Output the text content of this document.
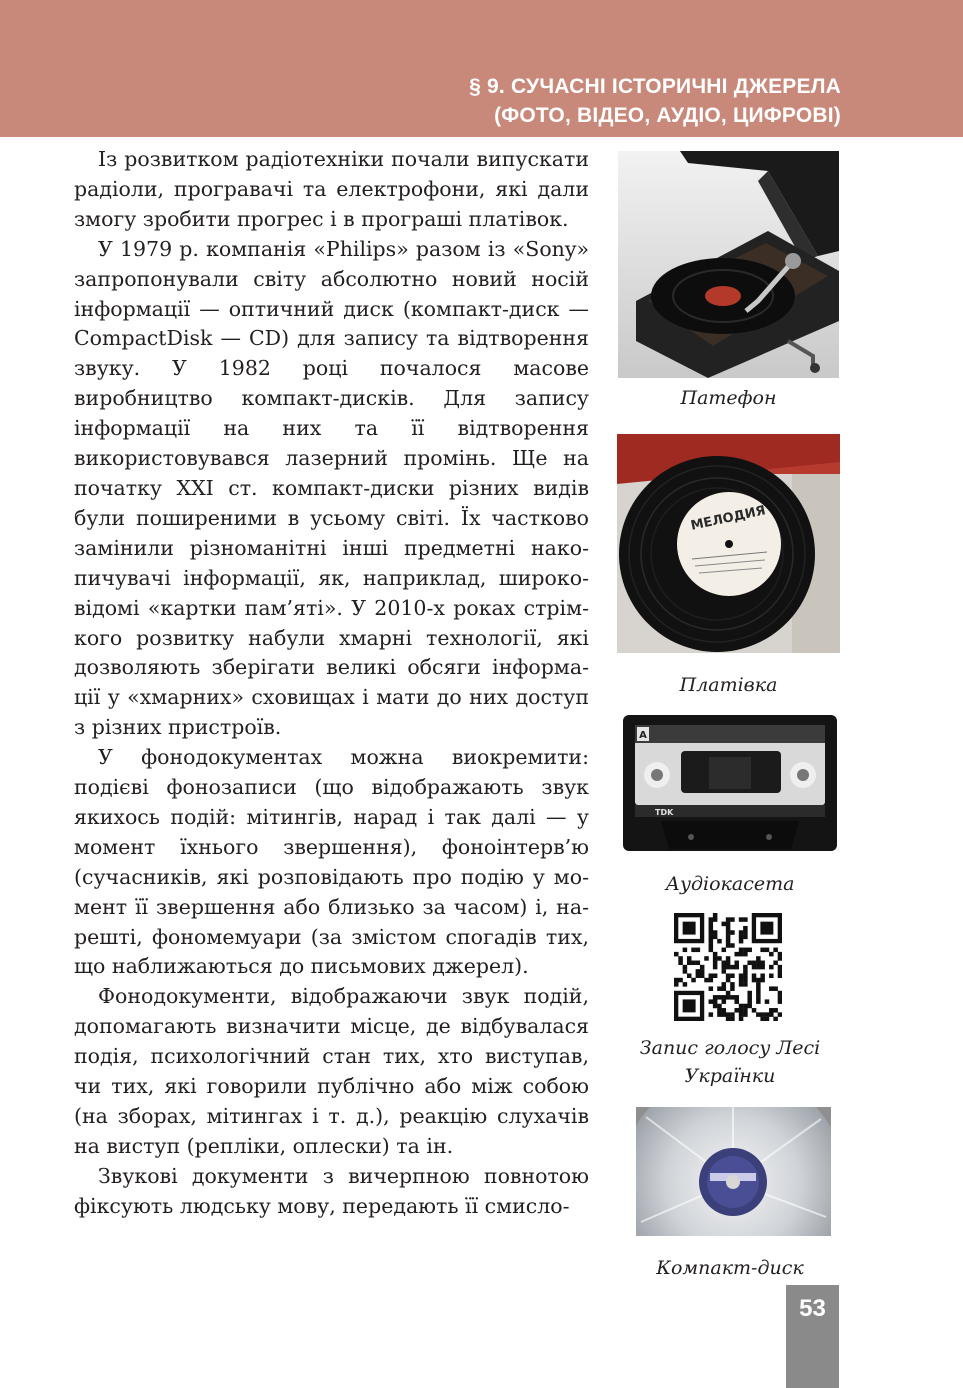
§ 9. СУЧАСНІ ІСТОРИЧНІ ДЖЕРЕЛА
(ФОТО, ВІДЕО, АУДІО, ЦИФРОВІ)

Із розвитком радіотехніки почали випускати радіоли, програвачі та електрофони, які дали змогу зробити прогрес і в програші платівок.

У 1979 р. компанія «Philips» разом із «Sony» запропонували світу абсолютно новий носій інформації — оптичний диск (компакт-диск — CompactDisk — CD) для запису та відтворення звуку. У 1982 році почалося масове виробництво компакт-дисків. Для запису інформації на них та її відтворення використовувався лазерний промінь. Ще на початку XXI ст. компакт-диски різних видів були поширеними в усьому світі. Їх частково замінили різноманітні інші предметні накопичувачі інформації, як, наприклад, широковідомі «картки пам’яті». У 2010-х роках стрімкого розвитку набули хмарні технології, які дозволяють зберігати великі обсяги інформації у «хмарних» сховищах і мати до них доступ з різних пристроїв.

У фонодокументах можна виокремити: подієві фонозаписи (що відображають звук якихось подій: мітингів, нарад і так далі — у момент їхнього звершення), фоноінтерв’ю (сучасників, які розповідають про подію у момент її звершення або близько за часом) і, нарешті, фономемуари (за змістом спогадів тих, що наближаються до письмових джерел).

Фонодокументи, відображаючи звук подій, допомагають визначити місце, де відбувалася подія, психологічний стан тих, хто виступав, чи тих, які говорили публічно або між собою (на зборах, мітингах і т. д.), реакцію слухачів на виступ (репліки, оплески) та ін.

Звукові документи з вичерпною повнотою фіксують людську мову, передають її смисло-

Патефон
МЕЛОДИЯ
Платівка
A
TDK
Аудіокасета
Запис голосу Лесі
Українки
Компакт-диск
53
